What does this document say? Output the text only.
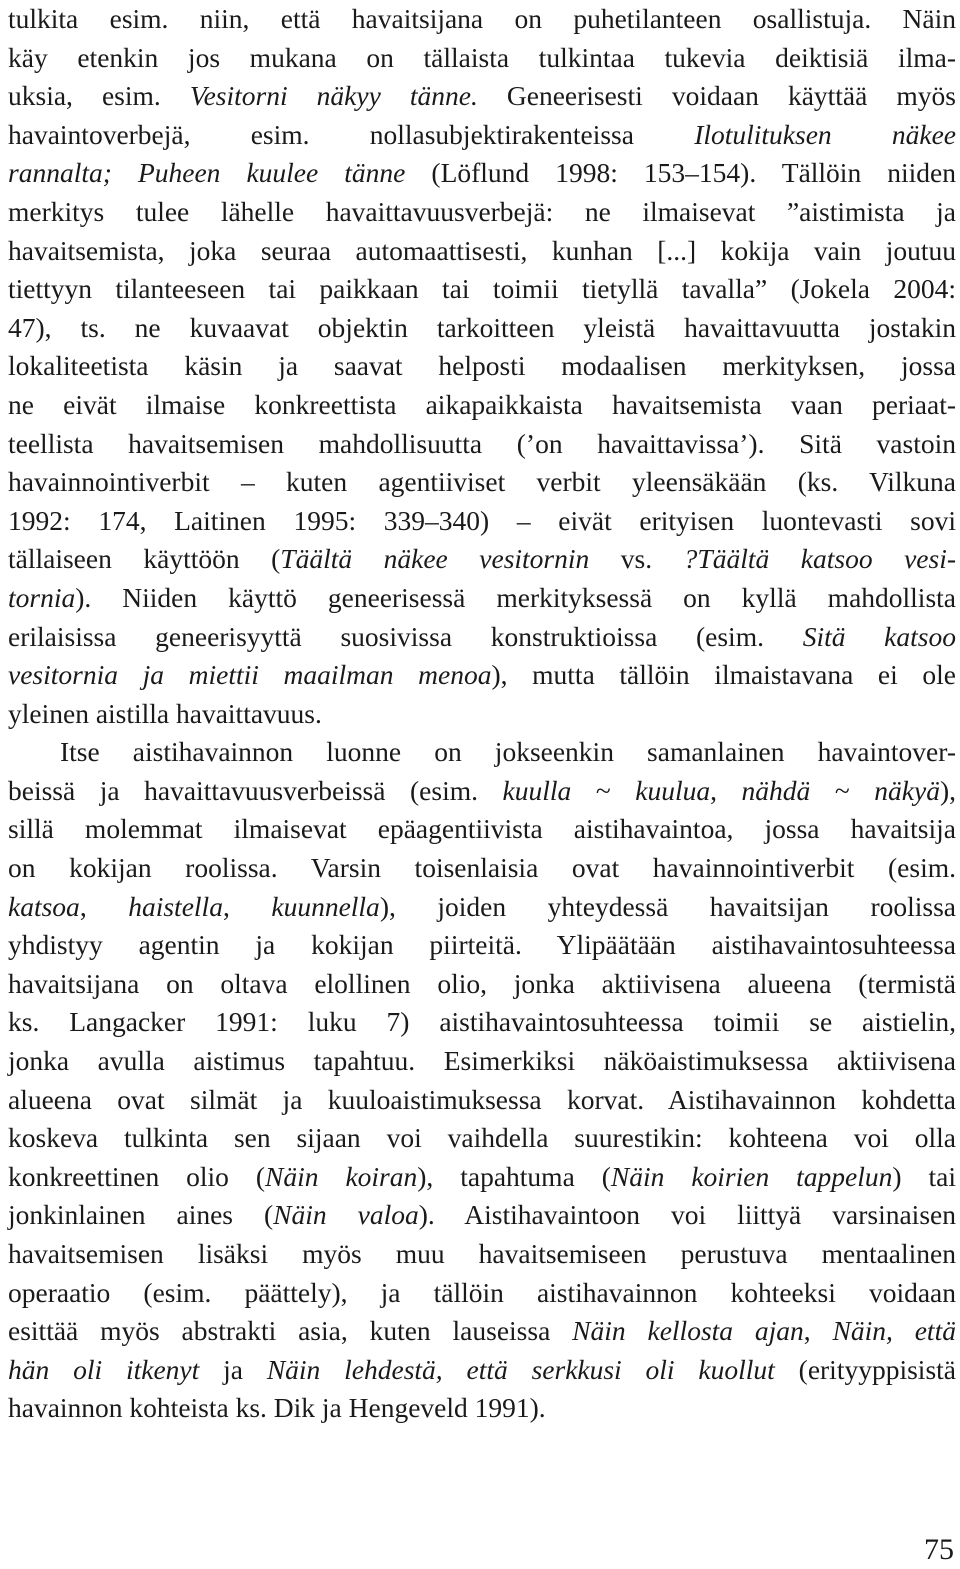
tulkita esim. niin, että havaitsijana on puhetilanteen osallistuja. Näin
käy etenkin jos mukana on tällaista tulkintaa tukevia deiktisiä ilma-
uksia, esim. Vesitorni näkyy tänne. Geneerisesti voidaan käyttää myös
havaintoverbejä, esim. nollasubjektirakenteissa Ilotulituksen näkee
rannalta; Puheen kuulee tänne (Löflund 1998: 153–154). Tällöin niiden
merkitys tulee lähelle havaittavuusverbejä: ne ilmaisevat ”aistimista ja
havaitsemista, joka seuraa automaattisesti, kunhan [...] kokija vain joutuu
tiettyyn tilanteeseen tai paikkaan tai toimii tietyllä tavalla” (Jokela 2004:
47), ts. ne kuvaavat objektin tarkoitteen yleistä havaittavuutta jostakin
lokaliteetista käsin ja saavat helposti modaalisen merkityksen, jossa
ne eivät ilmaise konkreettista aikapaikkaista havaitsemista vaan periaat-
teellista havaitsemisen mahdollisuutta (’on havaittavissa’). Sitä vastoin
havainnointiverbit – kuten agentiiviset verbit yleensäkään (ks. Vilkuna
1992: 174, Laitinen 1995: 339–340) – eivät erityisen luontevasti sovi
tällaiseen käyttöön (Täältä näkee vesitornin vs. ?Täältä katsoo vesi-
tornia). Niiden käyttö geneerisessä merkityksessä on kyllä mahdollista
erilaisissa geneerisyyttä suosivissa konstruktioissa (esim. Sitä katsoo
vesitornia ja miettii maailman menoa), mutta tällöin ilmaistavana ei ole
yleinen aistilla havaittavuus.
Itse aistihavainnon luonne on jokseenkin samanlainen havaintover-
beissä ja havaittavuusverbeissä (esim. kuulla ~ kuulua, nähdä ~ näkyä),
sillä molemmat ilmaisevat epäagentiivista aistihavaintoa, jossa havaitsija
on kokijan roolissa. Varsin toisenlaisia ovat havainnointiverbit (esim.
katsoa, haistella, kuunnella), joiden yhteydessä havaitsijan roolissa
yhdistyy agentin ja kokijan piirteitä. Ylipäätään aistihavaintosuhteessa
havaitsijana on oltava elollinen olio, jonka aktiivisena alueena (termistä
ks. Langacker 1991: luku 7) aistihavaintosuhteessa toimii se aistielin,
jonka avulla aistimus tapahtuu. Esimerkiksi näköaistimuksessa aktiivisena
alueena ovat silmät ja kuuloaistimuksessa korvat. Aistihavainnon kohdetta
koskeva tulkinta sen sijaan voi vaihdella suurestikin: kohteena voi olla
konkreettinen olio (Näin koiran), tapahtuma (Näin koirien tappelun) tai
jonkinlainen aines (Näin valoa). Aistihavaintoon voi liittyä varsinaisen
havaitsemisen lisäksi myös muu havaitsemiseen perustuva mentaalinen
operaatio (esim. päättely), ja tällöin aistihavainnon kohteeksi voidaan
esittää myös abstrakti asia, kuten lauseissa Näin kellosta ajan, Näin, että
hän oli itkenyt ja Näin lehdestä, että serkkusi oli kuollut (erityyppisistä
havainnon kohteista ks. Dik ja Hengeveld 1991).
75
